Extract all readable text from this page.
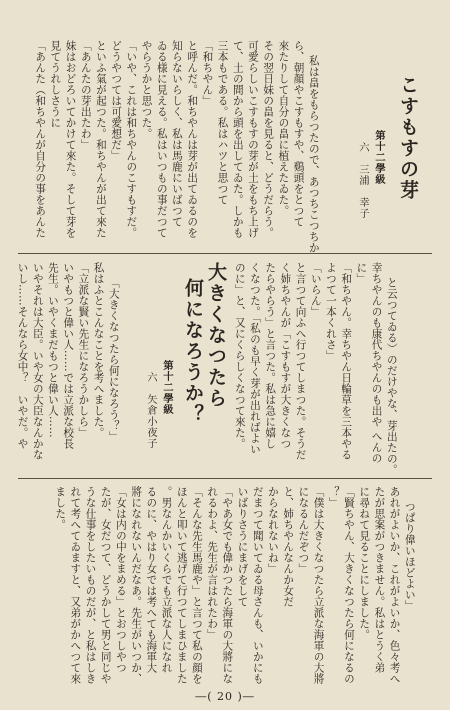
こすもすの芽
第十二學級
六　三浦　幸子

私は畠をもらつたので、あつちこつちか
ら、朝顏やこすもすや、鷄頭をとつて
來たりして自分の畠に植えたゐた。
その翌日妹の畠を見ると、どうだらう。
可愛らしいこすもすの芽が土をもち上げ
て、土の間から頭を出してゐた。しかも
三本もである。私はハツと思つて
「和ちやん」
と呼んだ。和ちやんは芽が出てゐるのを
知らないらしく、私は馬鹿にいばつて
ゐる様に見える。私はいつもの事だつて
やらうかと思つた。
「いや、これは和ちやんのこすもすだ。
どうやつては可愛想だ」
といふ氣が起つた。和ちやんが出て來た
「あんたの芽出たわ」
妹はおどろいてかけて來た。そして芽を
見てうれしさうに
「あんた（和ちやんが自分の事をあんた

と云つてゐる）のだけやな、芽出たの。
幸ちやんのも康代ちやんのも出や へんの
に」
「和ちやん。幸ちやん日輪草を三本やる
よつて一本くれさ」
「いらん」
と言つて向ふへ行つてしまつた。そうだ
く姉ちやんが「こすもすが大きくなつ
たらやらう」と言つた。私は急に嬉し
くなつた。「私のも早く芽が出ればよい
のに」と、又にくらしくなつて來た。

大きくなつたら
何になろうか？
第十二學級
六　矢倉小夜子

「大きくなつたら何になろう？」
私はふとこんなことを考へました。
「立派な賢い先生になろうかしら」
いやもつと偉い人……では立派な校長
先生。いやくまだもつと偉い人……
いやそれは大臣。いや女の大臣なんかな
いし……そんなら女中？　いやだ。や

つぱり偉いほどよい」
あれがよいか、これがよいか、色々考へ
たが思案がつきません。私はとうく弟
に尋ねて見ることにしました。
「賢ちやん、大きくなつたら何になるの
？」
「僕は大きくなつたら立派な海軍の大將
になるんだぞつ」
と、姉ちやんなんか女だ
からなれないね」
だまつて聞いてゐる母さんも、いかにも
いばりさうにまげをして
「やあ女でも偉かつたら海軍の大將にな
れるわよ、先生が言はれたわ」
「そんな先生馬鹿や」と言つて私の顔を
ほんと叩いて逃げて行つてしまひました
。男なんかいくらでも立派な人になれ
るのに、やはり女では考へても海軍大
將になれないんだなあ。先生がいつか、
「女は内の中をまめる」とおつしやつ
たが、女だつて、どうかして男と同じや
うな仕事をしたいものだが、と私はしき
れて考へてゐますと、又弟がかへつて來
ました。

―( 20 )―
